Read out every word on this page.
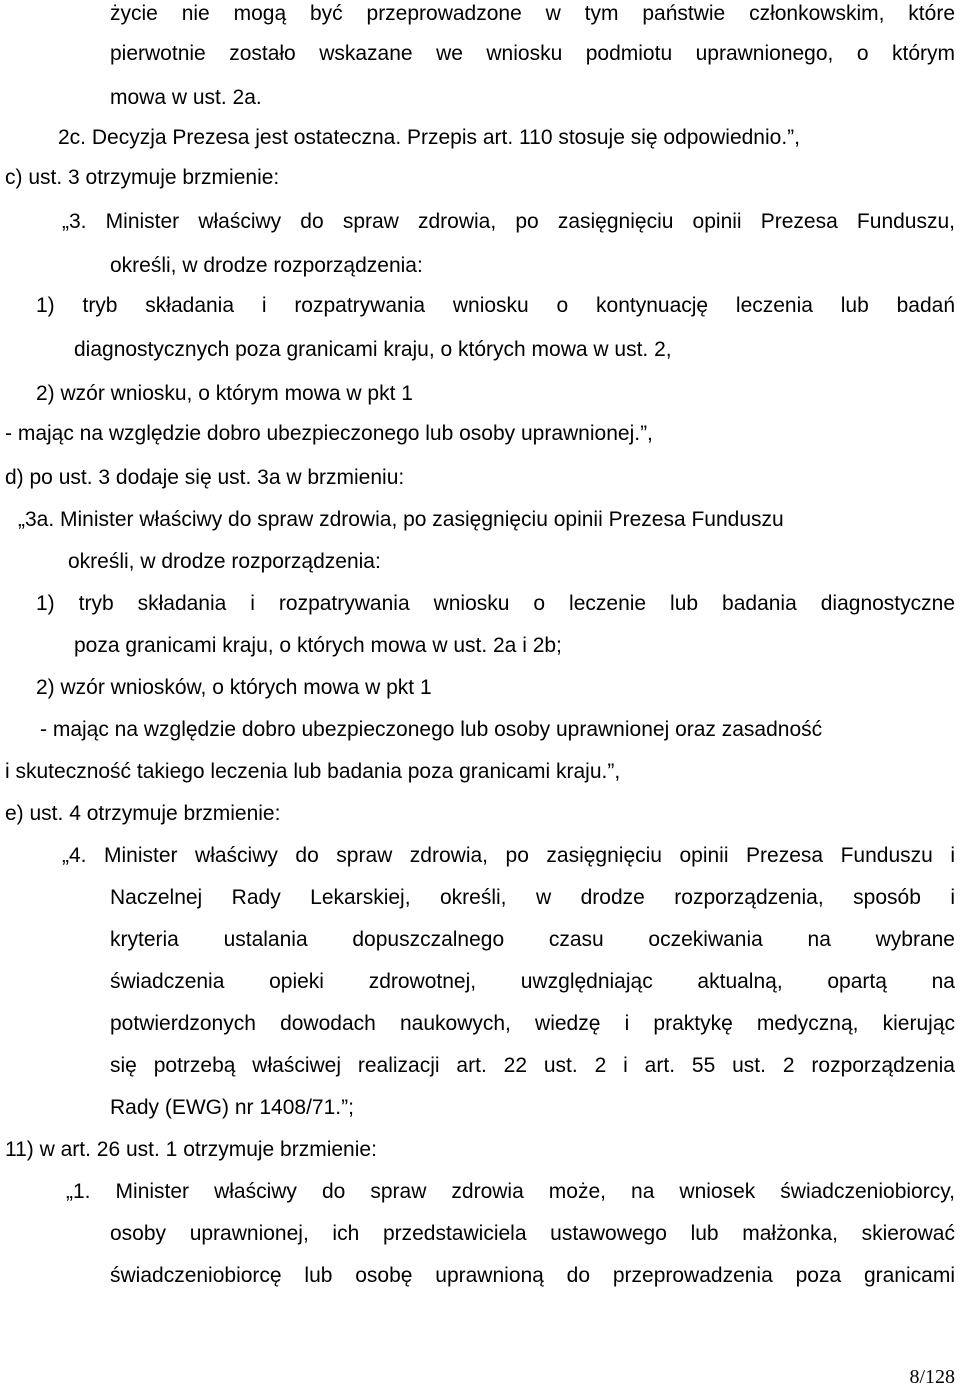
życie nie mogą być przeprowadzone w tym państwie członkowskim, które
pierwotnie zostało wskazane we wniosku podmiotu uprawnionego, o którym
mowa w ust. 2a.
2c. Decyzja Prezesa jest ostateczna. Przepis art. 110 stosuje się odpowiednio.”,
c) ust. 3 otrzymuje brzmienie:
„3. Minister właściwy do spraw zdrowia, po zasięgnięciu opinii Prezesa Funduszu,
określi, w drodze rozporządzenia:
1) tryb składania i rozpatrywania wniosku o kontynuację leczenia lub badań
diagnostycznych poza granicami kraju, o których mowa w ust. 2,
2) wzór wniosku, o którym mowa w pkt 1
- mając na względzie dobro ubezpieczonego lub osoby uprawnionej.”,
d) po ust. 3 dodaje się ust. 3a w brzmieniu:
„3a. Minister właściwy do spraw zdrowia, po zasięgnięciu opinii Prezesa Funduszu
określi, w drodze rozporządzenia:
1) tryb składania i rozpatrywania wniosku o leczenie lub badania diagnostyczne
poza granicami kraju, o których mowa w ust. 2a i 2b;
2) wzór wniosków, o których mowa w pkt 1
- mając na względzie dobro ubezpieczonego lub osoby uprawnionej oraz zasadność
i skuteczność takiego leczenia lub badania poza granicami kraju.”,
e) ust. 4 otrzymuje brzmienie:
„4. Minister właściwy do spraw zdrowia, po zasięgnięciu opinii Prezesa Funduszu i
Naczelnej Rady Lekarskiej, określi, w drodze rozporządzenia, sposób i
kryteria ustalania dopuszczalnego czasu oczekiwania na wybrane
świadczenia opieki zdrowotnej, uwzględniając aktualną, opartą na
potwierdzonych dowodach naukowych, wiedzę i praktykę medyczną, kierując
się potrzebą właściwej realizacji art. 22 ust. 2 i art. 55 ust. 2 rozporządzenia
Rady (EWG) nr 1408/71.”;
11) w art. 26 ust. 1 otrzymuje brzmienie:
„1. Minister właściwy do spraw zdrowia może, na wniosek świadczeniobiorcy,
osoby uprawnionej, ich przedstawiciela ustawowego lub małżonka, skierować
świadczeniobiorcę lub osobę uprawnioną do przeprowadzenia poza granicami
8/128
